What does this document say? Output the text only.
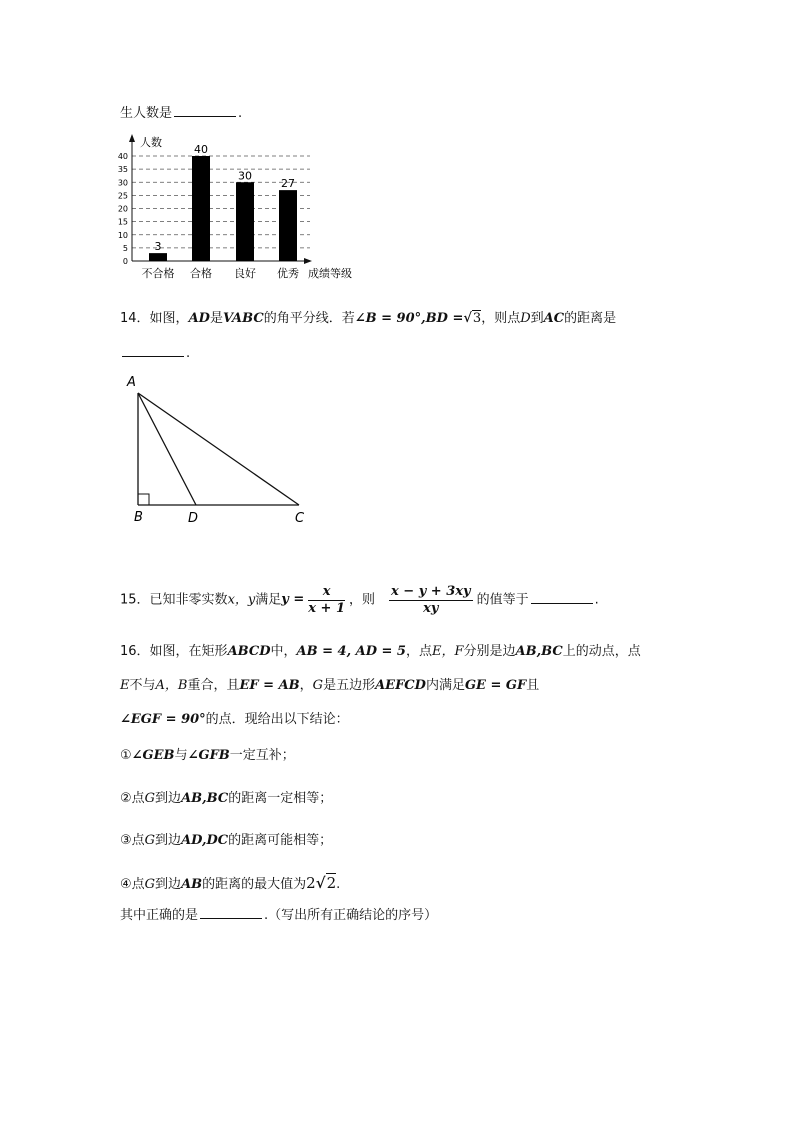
生人数是	.
0
5
10
15
20
25
30
35
40
人数
成绩等级
3
不合格
40
合格
30
良好
27
优秀
14．如图，AD是VABC的角平分线．若∠B = 90°,BD =√3，则点D到AC的距离是
.
A
B	D	C
15．已知非零实数x，y满足$y = \frac{x}{x + 1}$ ，则 $\frac{x - y + 3xy}{xy}$ 的值等于	.
16．如图，在矩形ABCD中，AB = 4, AD = 5，点E，F分别是边AB,BC上的动点，点
E不与A，B重合，且EF = AB，G是五边形AEFCD内满足GE = GF且
∠EGF = 90°的点．现给出以下结论：
①∠GEB与∠GFB一定互补；
②点G到边AB,BC的距离一定相等；
③点G到边AD,DC的距离可能相等；
④点G到边AB的距离的最大值为2√2.
其中正确的是	.（写出所有正确结论的序号）
